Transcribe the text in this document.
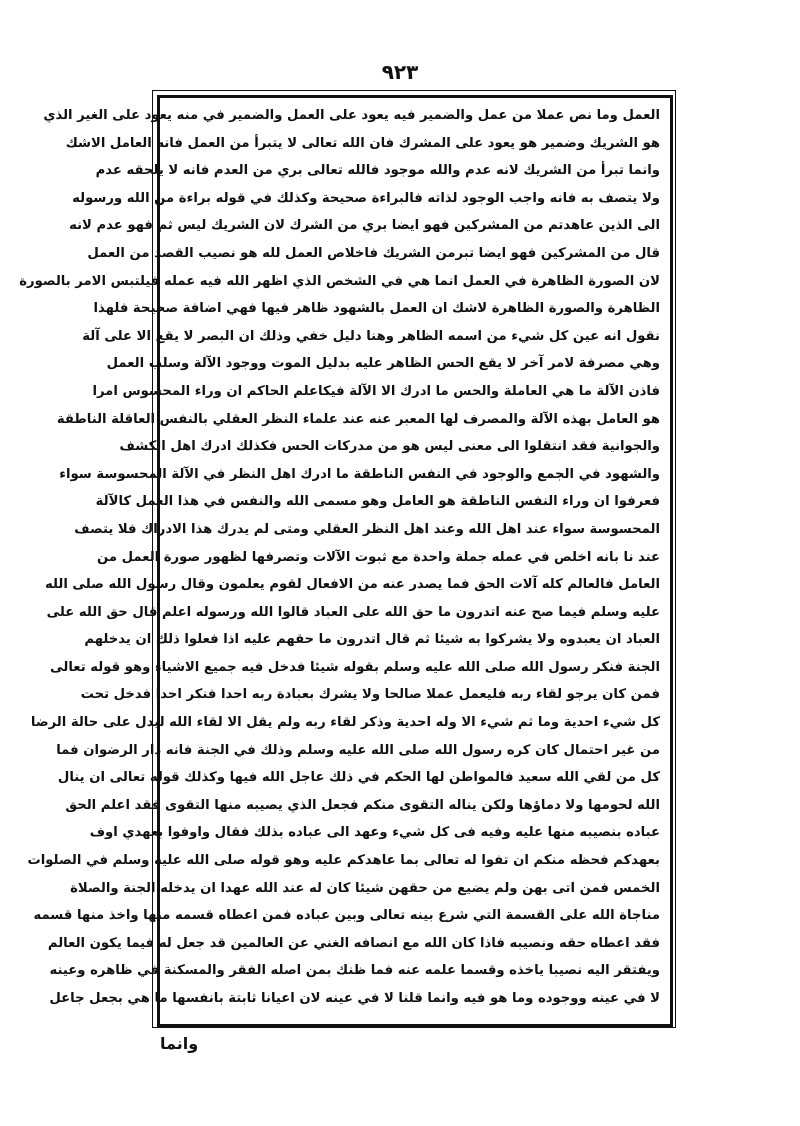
٩٢٣
العمل وما نص عملا من عمل والضمير فيه يعود على العمل والضمير في منه يعود على الغير الذي
هو الشريك وضمير هو يعود على المشرك فان الله تعالى لا يتبرأ من العمل فانه العامل الاشك
وانما تبرأ من الشريك لانه عدم والله موجود فالله تعالى بري من العدم فانه لا يلحقه عدم
ولا يتصف به فانه واجب الوجود لذاته فالبراءة صحيحة وكذلك في قوله براءة من الله ورسوله
الى الذين عاهدتم من المشركين فهو ايضا بري من الشرك لان الشريك ليس ثم فهو عدم لانه
قال من المشركين فهو ايضا تبرمن الشريك فاخلاص العمل لله هو نصيب القصد من العمل
لان الصورة الظاهرة في العمل انما هي في الشخص الذي اظهر الله فيه عمله فيلتبس الامر بالصورة
الظاهرة والصورة الظاهرة لاشك ان العمل بالشهود ظاهر فيها فهي اضافة صحيحة فلهذا
نقول انه عين كل شيء من اسمه الظاهر وهنا دليل خفي وذلك ان البصر لا يقع الا على آلة
وهي مصرفة لامر آخر لا يقع الحس الظاهر عليه بدليل الموت ووجود الآلة وسلب العمل
فاذن الآلة ما هي العاملة والحس ما ادرك الا الآلة فيكاعلم الحاكم ان وراء المحسوس امرا
هو العامل بهذه الآلة والمصرف لها المعبر عنه عند علماء النظر العقلي بالنفس العاقلة الناطقة
والجوانية فقد انتقلوا الى معنى ليس هو من مدركات الحس فكذلك ادرك اهل الكشف
والشهود في الجمع والوجود في النفس الناطقة ما ادرك اهل النظر في الآلة المحسوسة سواء
فعرفوا ان وراء النفس الناطقة هو العامل وهو مسمى الله والنفس في هذا العمل كالآلة
المحسوسة سواء عند اهل الله وعند اهل النظر العقلي ومتى لم يدرك هذا الادراك فلا يتصف
عند نا بانه اخلص في عمله جملة واحدة مع ثبوت الآلات وتصرفها لظهور صورة العمل من
العامل فالعالم كله آلات الحق فما يصدر عنه من الافعال لقوم يعلمون وقال رسول الله صلى الله
عليه وسلم فيما صح عنه اتدرون ما حق الله على العباد قالوا الله ورسوله اعلم قال حق الله على
العباد ان يعبدوه ولا يشركوا به شيئا ثم قال اتدرون ما حقهم عليه اذا فعلوا ذلك ان يدخلهم
الجنة فنكر رسول الله صلى الله عليه وسلم بقوله شيئا فدخل فيه جميع الاشياء وهو قوله تعالى
فمن كان يرجو لقاء ربه فليعمل عملا صالحا ولا يشرك بعبادة ربه احدا فنكر احدا فدخل تحت
كل شيء احدية وما ثم شيء الا وله احدية وذكر لقاء ربه ولم يقل الا لقاء الله ليدل على حالة الرضا
من غير احتمال كان كره رسول الله صلى الله عليه وسلم وذلك في الجنة فانه دار الرضوان فما
كل من لقي الله سعيد فالمواطن لها الحكم في ذلك عاجل الله فيها وكذلك قوله تعالى ان ينال
الله لحومها ولا دماؤها ولكن يناله التقوى منكم فجعل الذي يصيبه منها التقوى فقد اعلم الحق
عباده بنصيبه منها عليه وفيه فى كل شيء وعهد الى عباده بذلك فقال واوفوا بعهدي اوف
بعهدكم فحظه منكم ان تفوا له تعالى بما عاهدكم عليه وهو قوله صلى الله عليه وسلم في الصلوات
الخمس فمن اتى بهن ولم يضيع من حقهن شيئا كان له عند الله عهدا ان يدخله الجنة والصلاة
مناجاة الله على القسمة التي شرع بينه تعالى وبين عباده فمن اعطاه قسمه منها واخذ منها قسمه
فقد اعطاه حقه ونصيبه فاذا كان الله مع انصافه الغني عن العالمين قد جعل له فيما يكون العالم
ويفتقر اليه نصيبا ياخذه وقسما علمه عنه فما ظنك بمن اصله الفقر والمسكنة في ظاهره وعينه
لا في عينه ووجوده وما هو فيه وانما قلنا لا في عينه لان اعيانا ثابتة بانفسها ما هي بجعل جاعل
وانما
